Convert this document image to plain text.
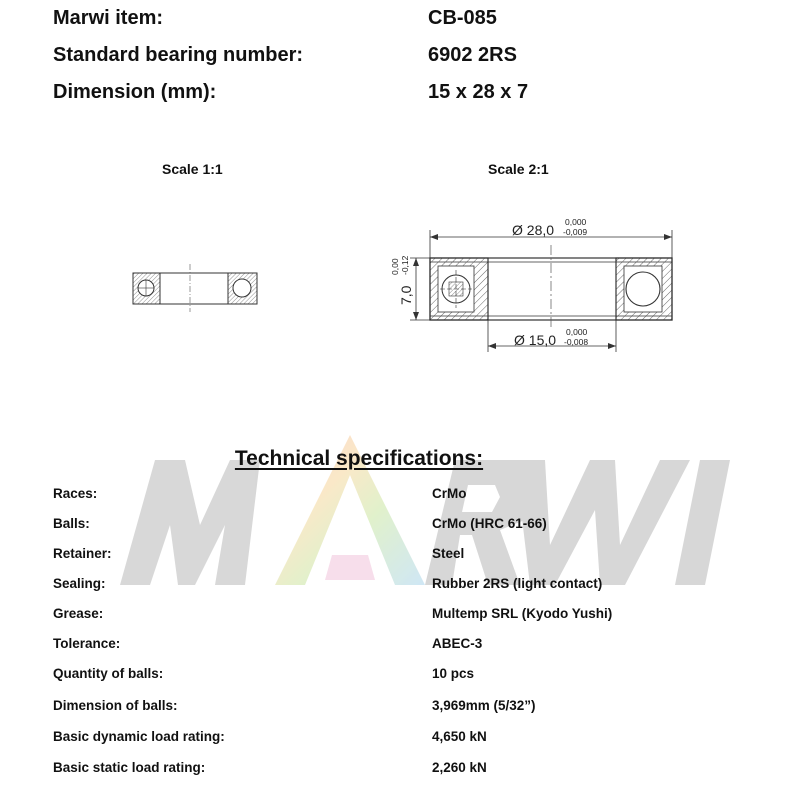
Marwi item:	CB-085
Standard bearing number:	6902 2RS
Dimension (mm):	15 x 28 x 7
Scale 1:1	Scale 2:1
Ø 28,0 0,000
-0,009
Ø 15,0 0,000
-0,008
7,0
0,00 -0,12
Technical specifications:
Races:	CrMo
Balls:	CrMo (HRC 61-66)
Retainer:	Steel
Sealing:	Rubber 2RS (light contact)
Grease:	Multemp SRL (Kyodo Yushi)
Tolerance:	ABEC-3
Quantity of balls:	10 pcs
Dimension of balls:	3,969mm (5/32”)
Basic dynamic load rating:	4,650 kN
Basic static load rating:	2,260 kN
